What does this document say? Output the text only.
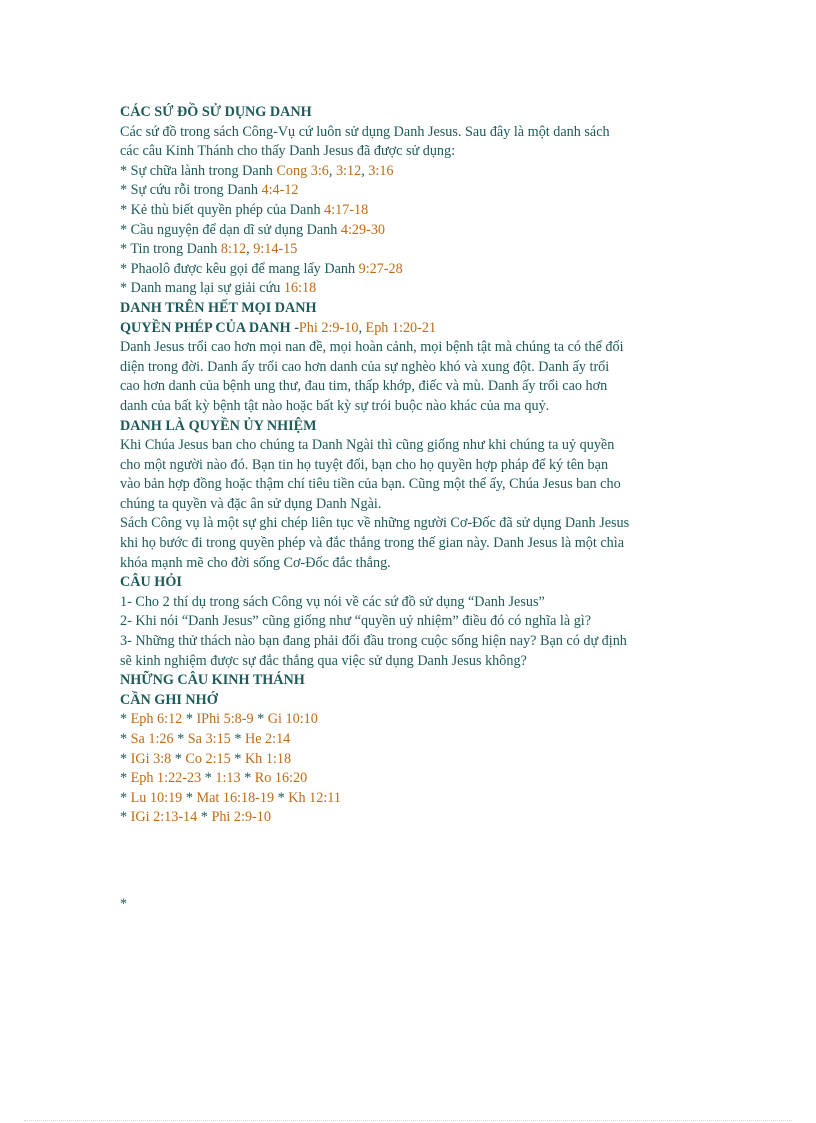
CÁC SỨ ĐỒ SỬ DỤNG DANH
Các sứ đồ trong sách Công-Vụ cứ luôn sử dụng Danh Jesus. Sau đây là một danh sách
các câu Kinh Thánh cho thấy Danh Jesus đã được sử dụng:
* Sự chữa lành trong Danh Cong 3:6, 3:12, 3:16
* Sự cứu rỗi trong Danh 4:4-12
* Kẻ thù biết quyền phép của Danh 4:17-18
* Cầu nguyện để dạn dĩ sử dụng Danh 4:29-30
* Tin trong Danh 8:12, 9:14-15
* Phaolô được kêu gọi để mang lấy Danh 9:27-28
* Danh mang lại sự giải cứu 16:18
DANH TRÊN HẾT MỌI DANH
QUYỀN PHÉP CỦA DANH -Phi 2:9-10, Eph 1:20-21
Danh Jesus trổi cao hơn mọi nan đề, mọi hoàn cảnh, mọi bệnh tật mà chúng ta có thể đối
diện trong đời. Danh ấy trổi cao hơn danh của sự nghèo khó và xung đột. Danh ấy trổi
cao hơn danh của bệnh ung thư, đau tim, thấp khớp, điếc và mù. Danh ấy trổi cao hơn
danh của bất kỳ bệnh tật nào hoặc bất kỳ sự trói buộc nào khác của ma quỷ.
DANH LÀ QUYỀN ỦY NHIỆM
Khi Chúa Jesus ban cho chúng ta Danh Ngài thì cũng giống như khi chúng ta uỷ quyền
cho một người nào đó. Bạn tin họ tuyệt đối, bạn cho họ quyền hợp pháp để ký tên bạn
vào bản hợp đồng hoặc thậm chí tiêu tiền của bạn. Cũng một thể ấy, Chúa Jesus ban cho
chúng ta quyền và đặc ân sử dụng Danh Ngài.
Sách Công vụ là một sự ghi chép liên tục về những người Cơ-Đốc đã sử dụng Danh Jesus
khi họ bước đi trong quyền phép và đắc thắng trong thế gian này. Danh Jesus là một chìa
khóa mạnh mẽ cho đời sống Cơ-Đốc đắc thắng.
CÂU HỎI
1- Cho 2 thí dụ trong sách Công vụ nói về các sứ đồ sử dụng “Danh Jesus”
2- Khi nói “Danh Jesus” cũng giống như “quyền uỷ nhiệm” điều đó có nghĩa là gì?
3- Những thử thách nào bạn đang phải đối đầu trong cuộc sống hiện nay? Bạn có dự định
sẽ kinh nghiệm được sự đắc thắng qua việc sử dụng Danh Jesus không?
NHỮNG CÂU KINH THÁNH
CẦN GHI NHỚ
* Eph 6:12 * IPhi 5:8-9 * Gi 10:10
* Sa 1:26 * Sa 3:15 * He 2:14
* IGi 3:8 * Co 2:15 * Kh 1:18
* Eph 1:22-23 * 1:13 * Ro 16:20
* Lu 10:19 * Mat 16:18-19 * Kh 12:11
* IGi 2:13-14 * Phi 2:9-10
*
